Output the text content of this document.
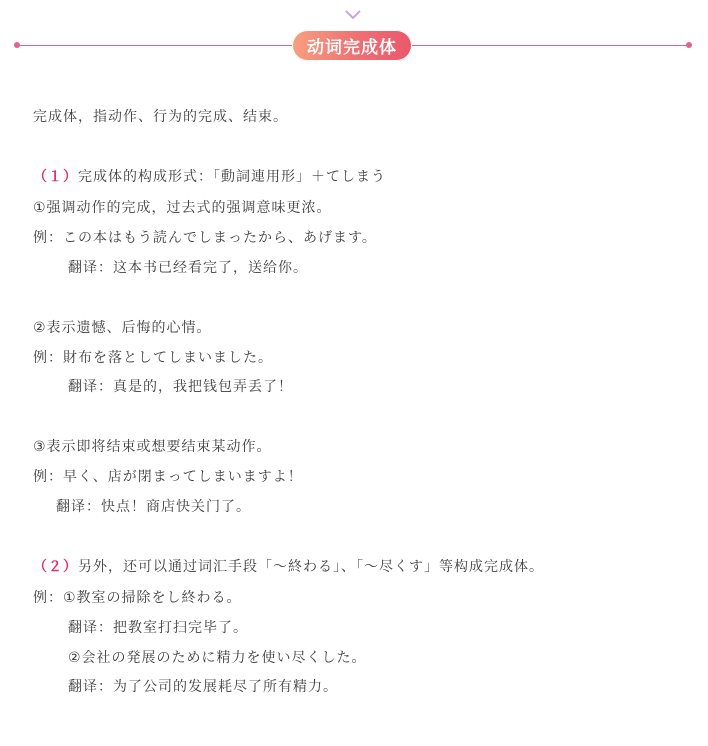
动词完成体
完成体，指动作、行为的完成、结束。
（１）完成体的构成形式：「動詞連用形」＋てしまう
①强调动作的完成，过去式的强调意味更浓。
例：この本はもう読んでしまったから、あげます。
翻译：这本书已经看完了，送给你。
②表示遗憾、后悔的心情。
例：財布を落としてしまいました。
翻译：真是的，我把钱包弄丢了！
③表示即将结束或想要结束某动作。
例：早く、店が閉まってしまいますよ！
翻译：快点！商店快关门了。
（２）另外，还可以通过词汇手段「～終わる」、「～尽くす」等构成完成体。
例：①教室の掃除をし終わる。
翻译：把教室打扫完毕了。
②会社の発展のために精力を使い尽くした。
翻译：为了公司的发展耗尽了所有精力。
